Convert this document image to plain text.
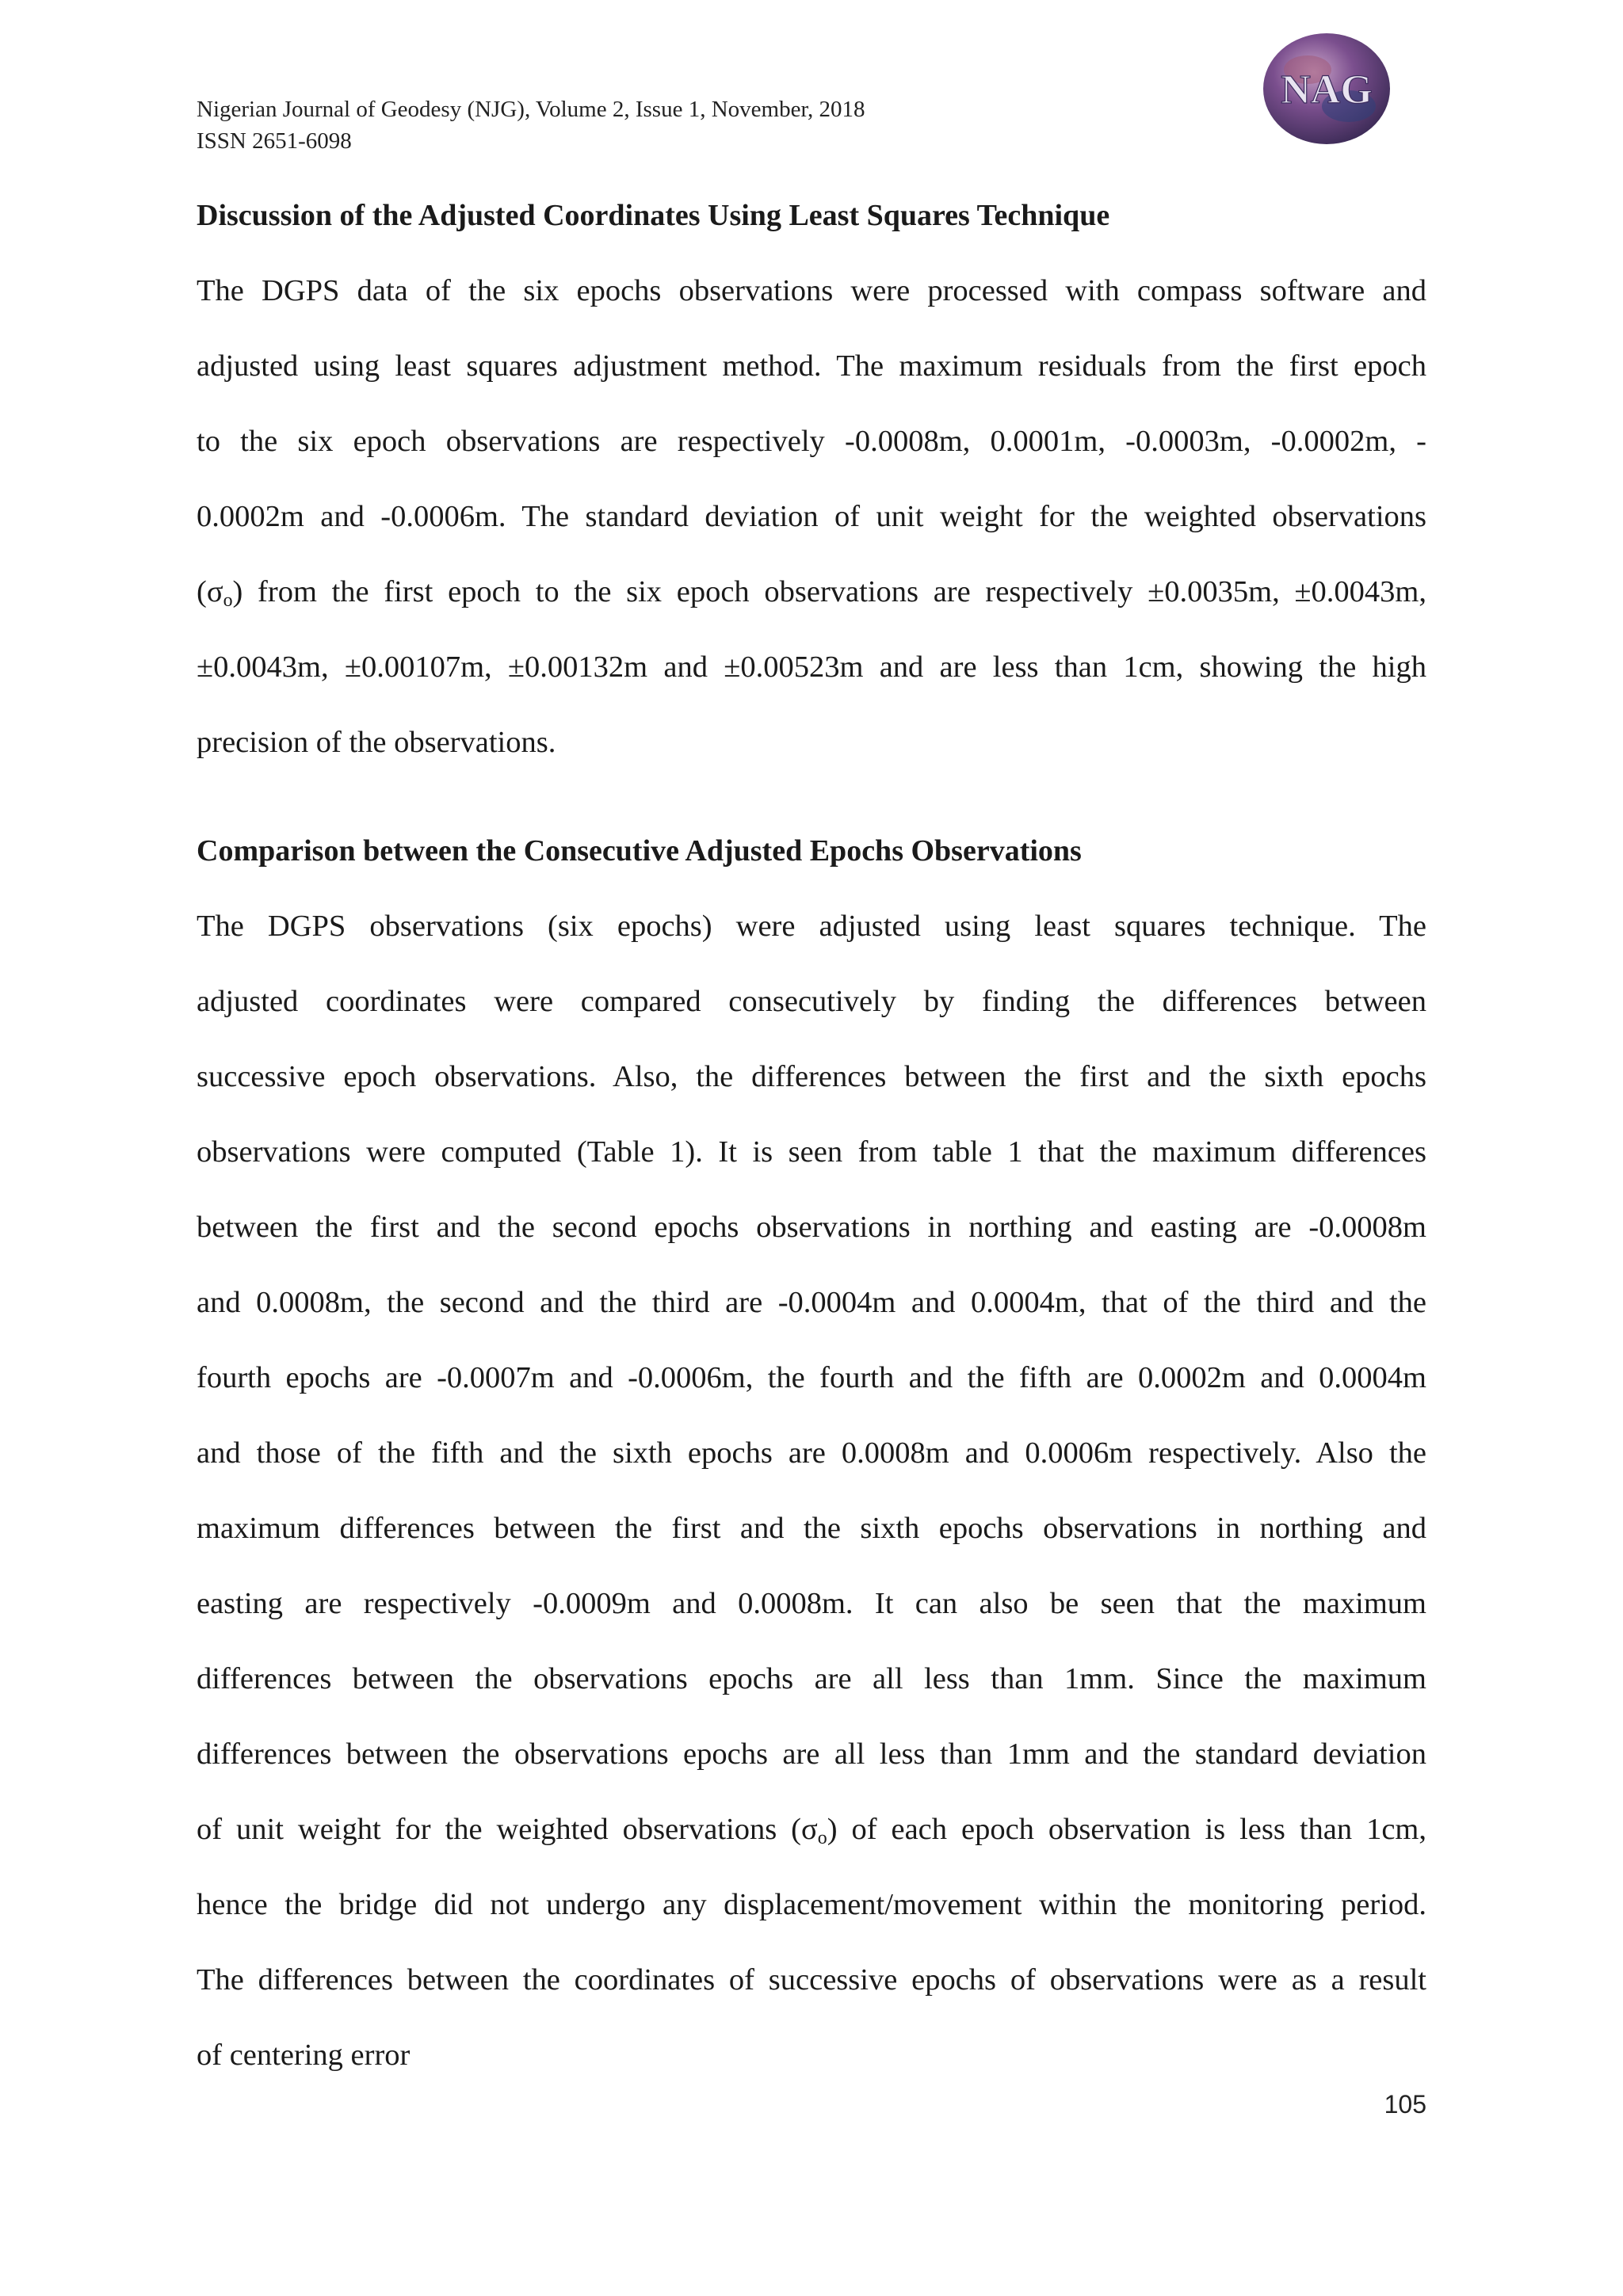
Nigerian Journal of Geodesy (NJG), Volume 2, Issue 1, November, 2018
ISSN 2651-6098
NAG
Discussion of the Adjusted Coordinates Using Least Squares Technique
The DGPS data of the six epochs observations were processed with compass software and
adjusted using least squares adjustment method. The maximum residuals from the first epoch
to the six epoch observations are respectively -0.0008m, 0.0001m, -0.0003m, -0.0002m, -
0.0002m and -0.0006m. The standard deviation of unit weight for the weighted observations
$(\sigma_o)$ from the first epoch to the six epoch observations are respectively ±0.0035m, ±0.0043m,
±0.0043m, ±0.00107m, ±0.00132m and ±0.00523m and are less than 1cm, showing the high
precision of the observations.
Comparison between the Consecutive Adjusted Epochs Observations
The DGPS observations (six epochs) were adjusted using least squares technique. The
adjusted coordinates were compared consecutively by finding the differences between
successive epoch observations. Also, the differences between the first and the sixth epochs
observations were computed (Table 1). It is seen from table 1 that the maximum differences
between the first and the second epochs observations in northing and easting are -0.0008m
and 0.0008m, the second and the third are -0.0004m and 0.0004m, that of the third and the
fourth epochs are -0.0007m and -0.0006m, the fourth and the fifth are 0.0002m and 0.0004m
and those of the fifth and the sixth epochs are 0.0008m and 0.0006m respectively. Also the
maximum differences between the first and the sixth epochs observations in northing and
easting are respectively -0.0009m and 0.0008m. It can also be seen that the maximum
differences between the observations epochs are all less than 1mm. Since the maximum
differences between the observations epochs are all less than 1mm and the standard deviation
of unit weight for the weighted observations $(\sigma_o)$ of each epoch observation is less than 1cm,
hence the bridge did not undergo any displacement/movement within the monitoring period.
The differences between the coordinates of successive epochs of observations were as a result
of centering error
105
